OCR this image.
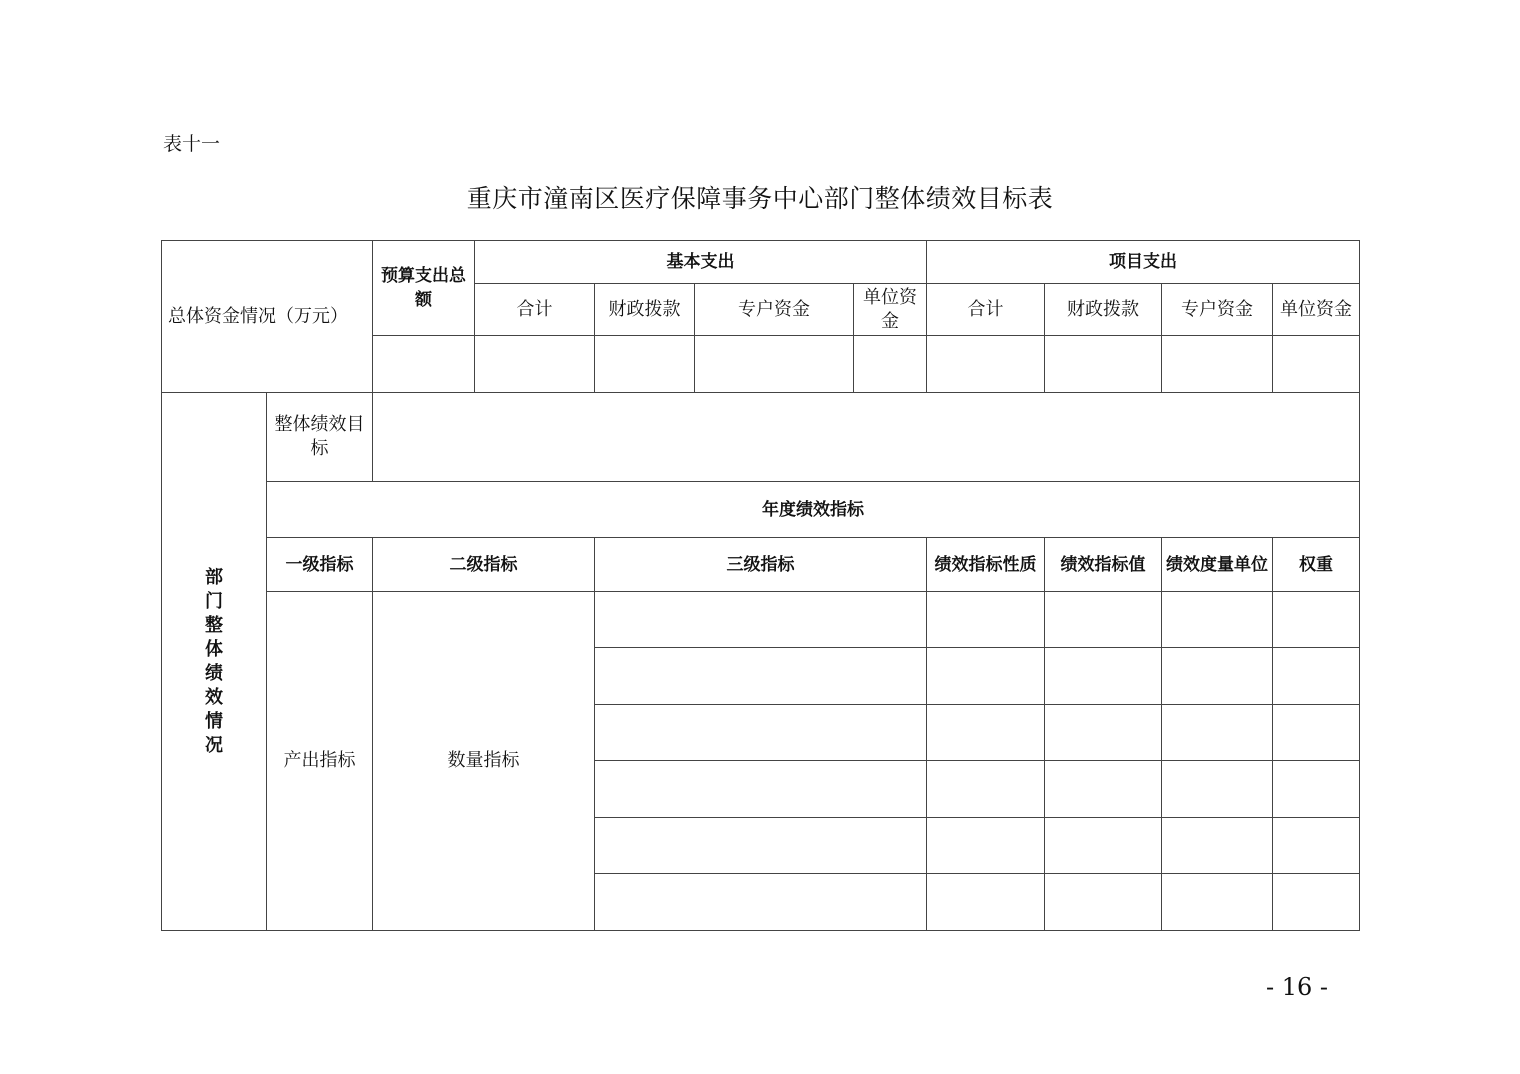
表十一
重庆市潼南区医疗保障事务中心部门整体绩效目标表
总体资金情况（万元）		预算支出总额	基本支出				项目支出			
			合计	财政拨款	专户资金	单位资金	合计	财政拨款	专户资金	单位资金

部门整体绩效情况	整体绩效目标									
	年度绩效指标									
	一级指标	二级指标		三级指标			绩效指标性质	绩效指标值	绩效度量单位	权重
	产出指标	数量指标								

- 16 -
